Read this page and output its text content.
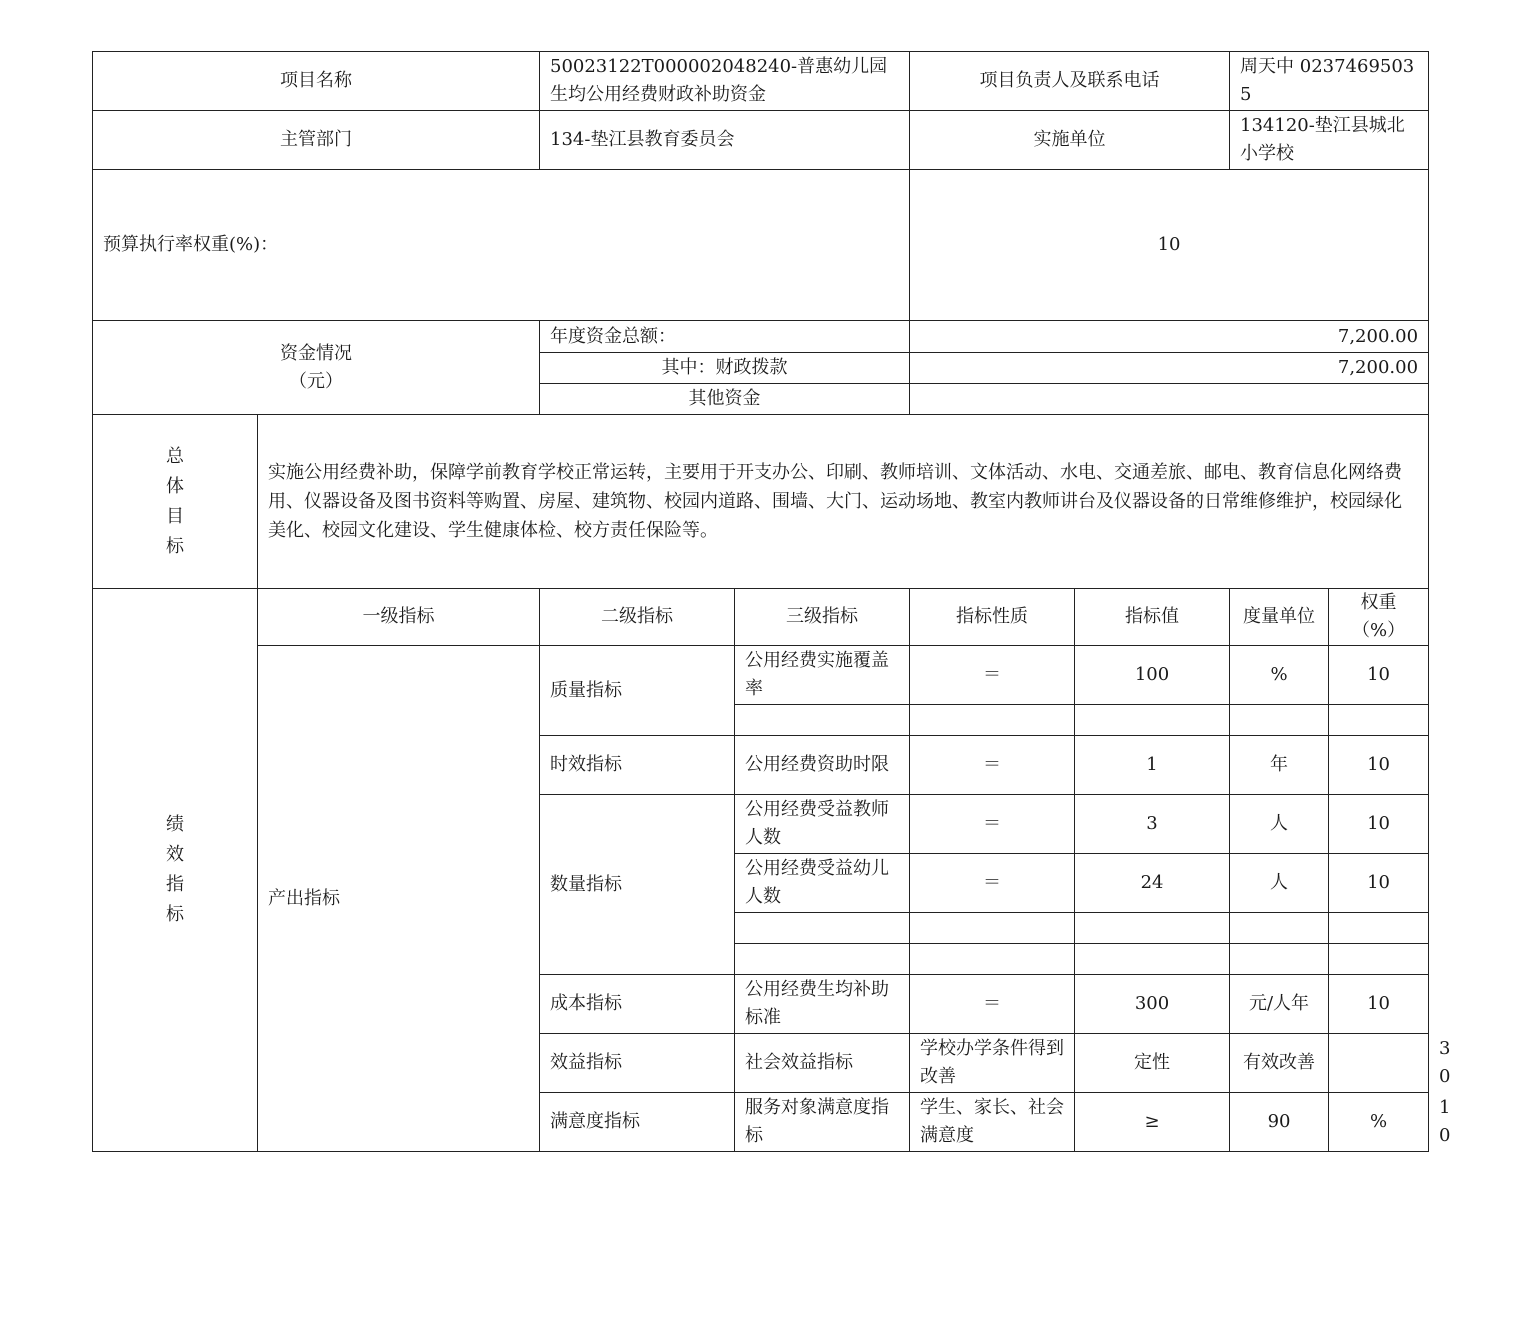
项目名称		50023122T000002048240-普惠幼儿园生均公用经费财政补助资金		项目负责人及联系电话		周天中 02374695035		
主管部门		134-垫江县教育委员会		实施单位		134120-垫江县城北小学校		
预算执行率权重(%)：				10				

资金情况
（元）		年度资金总额：		7,200.00				
		其中：财政拨款		7,200.00				
		其他资金						

总
体
目
标	实施公用经费补助，保障学前教育学校正常运转，主要用于开支办公、印刷、教师培训、文体活动、水电、交通差旅、邮电、教育信息化网络费用、仪器设备及图书资料等购置、房屋、建筑物、校园内道路、围墙、大门、运动场地、教室内教师讲台及仪器设备的日常维修维护，校园绿化美化、校园文化建设、学生健康体检、校方责任保险等。							

绩
效
指
标	一级指标	二级指标	三级指标	指标性质	指标值	度量单位	权重（%）	
	产出指标	质量指标	公用经费实施覆盖率	＝	100	%	10	

		时效指标	公用经费资助时限	＝	1	年	10	
		数量指标	公用经费受益教师人数	＝	3	人	10	
			公用经费受益幼儿人数	＝	24	人	10	

		成本指标	公用经费生均补助标准	＝	300	元/人年	10	
		效益指标	社会效益指标	学校办学条件得到改善	定性	有效改善		30
		满意度指标	服务对象满意度指标	学生、家长、社会满意度	≥	90	%	10
